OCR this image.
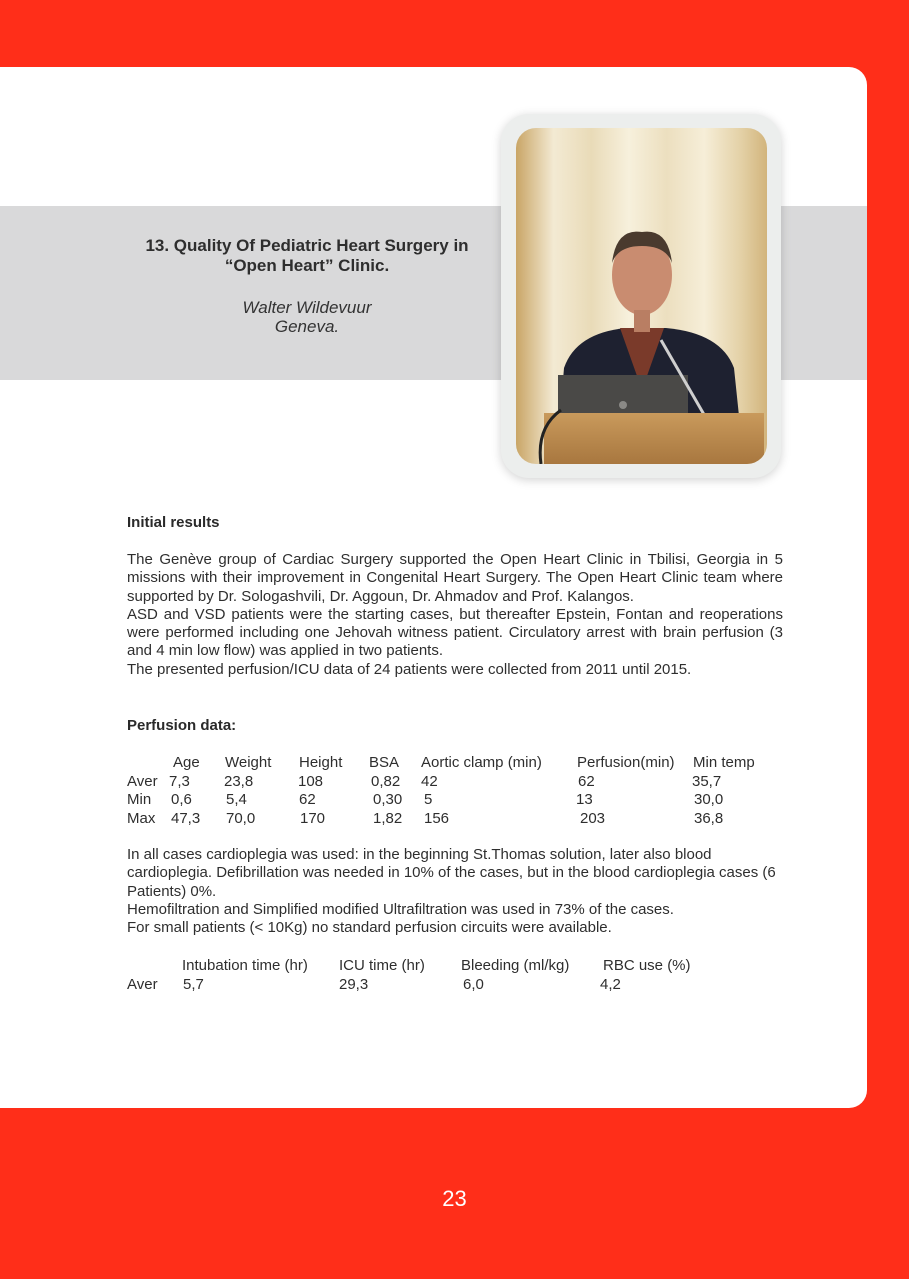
13. Quality Of Pediatric Heart Surgery in
“Open Heart” Clinic.
Walter Wildevuur
Geneva.
Initial results

The Genève group of Cardiac Surgery supported the Open Heart Clinic in Tbilisi, Georgia in 5 missions with their improvement in Congenital Heart Surgery. The Open Heart Clinic team where supported by Dr. Sologashvili, Dr. Aggoun, Dr. Ahmadov and Prof. Kalangos.

ASD and VSD patients were the starting cases, but thereafter Epstein, Fontan and reoperations were performed including one Jehovah witness patient. Circulatory arrest with brain perfusion (3 and 4 min low flow) was applied in two patients.

The presented perfusion/ICU data of 24 patients were collected from 2011 until 2015.

Perfusion data:
Age Weight Height BSA Aortic clamp (min) Perfusion(min) Min temp
Aver 7,3 23,8	108	0,82 42	62	35,7
Min 0,6 5,4	62	0,30 5	13	30,0
Max 47,3 70,0	170	1,82 156	203	36,8

In all cases cardioplegia was used: in the beginning St.Thomas solution, later also blood cardioplegia. Defibrillation was needed in 10% of the cases, but in the blood cardioplegia cases (6 Patients) 0%.

Hemofiltration and Simplified modified Ultrafiltration was used in 73% of the cases.

For small patients (< 10Kg) no standard perfusion circuits were available.

Intubation time (hr) ICU time (hr) Bleeding (ml/kg) RBC use (%)
Aver 5,7	29,3	6,0	4,2
23
